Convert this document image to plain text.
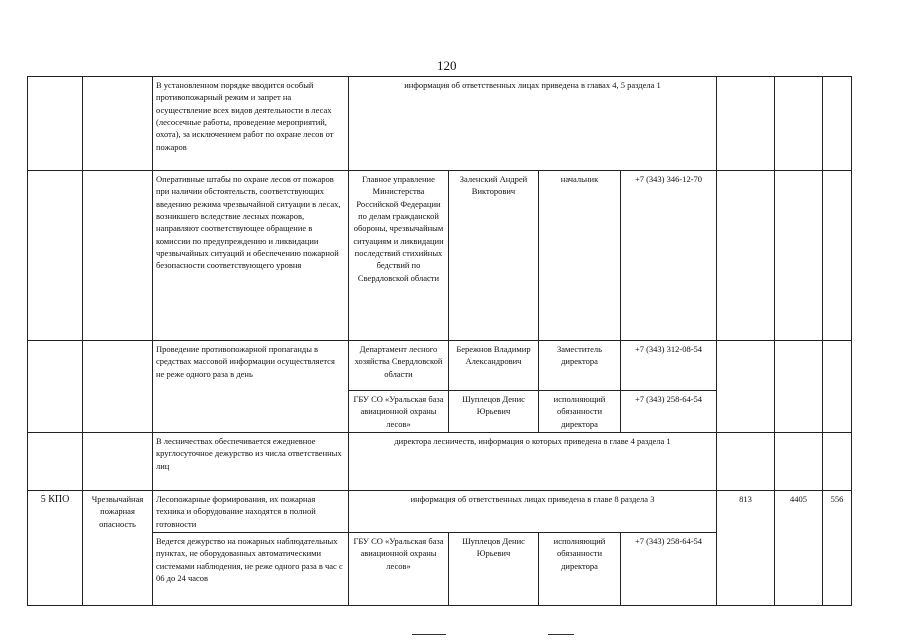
120
		В установленном порядке вводится особый противопожарный режим и запрет на осуществление всех видов деятельности в лесах (лесосечные работы, проведение мероприятий, охота), за исключением работ по охране лесов от пожаров	информация об ответственных лицах приведена в главах 4, 5 раздела 1						
		Оперативные штабы по охране лесов от пожаров при наличии обстоятельств, соответствующих введению режима чрезвычайной ситуации в лесах, возникшего вследствие лесных пожаров, направляют соответствующее обращение в комиссии по предупреждению и ликвидации чрезвычайных ситуаций и обеспечению пожарной безопасности соответствующего уровня	Главное управление Министерства Российской Федерации по делам гражданской обороны, чрезвычайным ситуациям и ликвидации последствий стихийных бедствий по Свердловской области	Заленский Андрей Викторович	начальник	+7 (343) 346-12-70			
		Проведение противопожарной пропаганды в средствах массовой информации осуществляется не реже одного раза в день	Департамент лесного хозяйства Свердловской области	Бережнов Владимир Александрович	Заместитель директора	+7 (343) 312-08-54			
			ГБУ СО «Уральская база авиационной охраны лесов»	Шуплецов Денис Юрьевич	исполняющий обязанности директора	+7 (343) 258-64-54			
		В лесничествах обеспечивается ежедневное круглосуточное дежурство из числа ответственных лиц	директора лесничеств, информация о которых приведена в главе 4 раздела 1						
5 КПО	Чрезвычайная пожарная опасность	Лесопожарные формирования, их пожарная техника и оборудование находятся в полной готовности	информация об ответственных лицах приведена в главе 8 раздела 3				813	4405	556
		Ведется дежурство на пожарных наблюдательных пунктах, не оборудованных автоматическими системами наблюдения, не реже одного раза в час с 06 до 24 часов	ГБУ СО «Уральская база авиационной охраны лесов»	Шуплецов Денис Юрьевич	исполняющий обязанности директора	+7 (343) 258-64-54			
